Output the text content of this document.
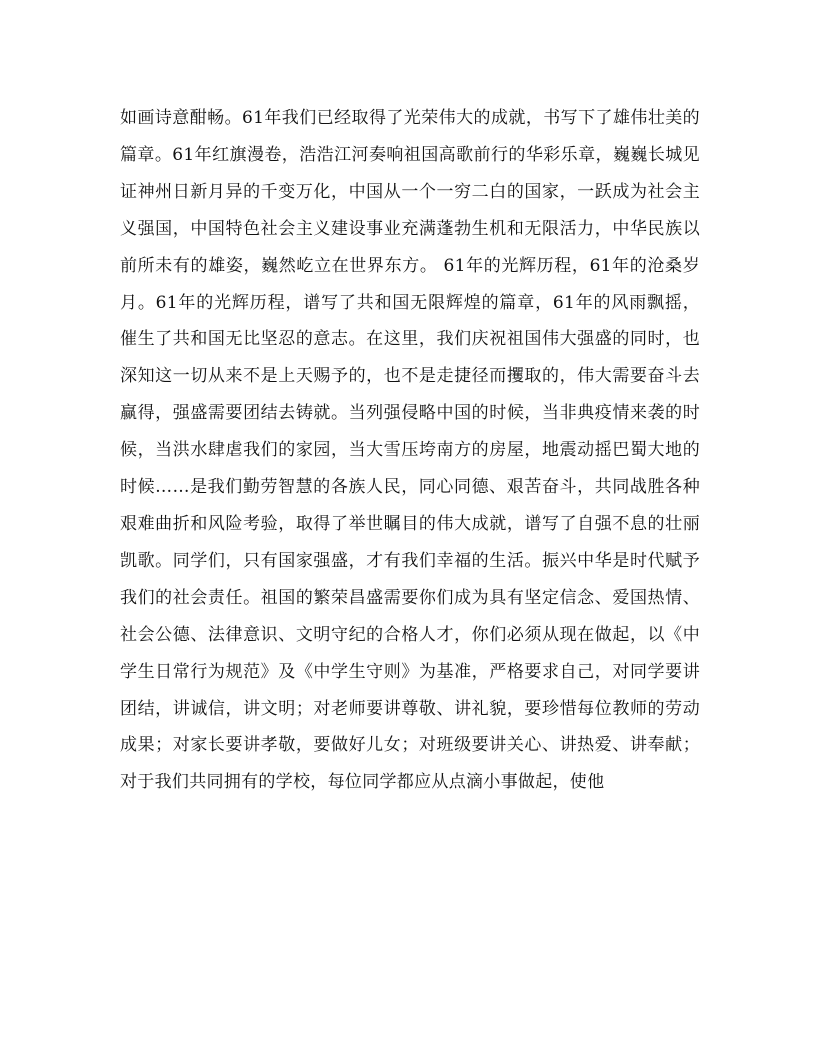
如画诗意酣畅。61年我们已经取得了光荣伟大的成就，书写下了雄伟壮美的篇章。61年红旗漫卷，浩浩江河奏响祖国高歌前行的华彩乐章，巍巍长城见证神州日新月异的千变万化，中国从一个一穷二白的国家，一跃成为社会主义强国，中国特色社会主义建设事业充满蓬勃生机和无限活力，中华民族以前所未有的雄姿，巍然屹立在世界东方。 61年的光辉历程，61年的沧桑岁月。61年的光辉历程，谱写了共和国无限辉煌的篇章，61年的风雨飘摇，催生了共和国无比坚忍的意志。在这里，我们庆祝祖国伟大强盛的同时，也深知这一切从来不是上天赐予的，也不是走捷径而攫取的，伟大需要奋斗去赢得，强盛需要团结去铸就。当列强侵略中国的时候，当非典疫情来袭的时候，当洪水肆虐我们的家园，当大雪压垮南方的房屋，地震动摇巴蜀大地的时候……是我们勤劳智慧的各族人民，同心同德、艰苦奋斗，共同战胜各种艰难曲折和风险考验，取得了举世瞩目的伟大成就，谱写了自强不息的壮丽凯歌。同学们，只有国家强盛，才有我们幸福的生活。振兴中华是时代赋予我们的社会责任。祖国的繁荣昌盛需要你们成为具有坚定信念、爱国热情、社会公德、法律意识、文明守纪的合格人才，你们必须从现在做起，以《中学生日常行为规范》及《中学生守则》为基准，严格要求自己，对同学要讲团结，讲诚信，讲文明；对老师要讲尊敬、讲礼貌，要珍惜每位教师的劳动成果；对家长要讲孝敬，要做好儿女；对班级要讲关心、讲热爱、讲奉献；对于我们共同拥有的学校，每位同学都应从点滴小事做起，使他
